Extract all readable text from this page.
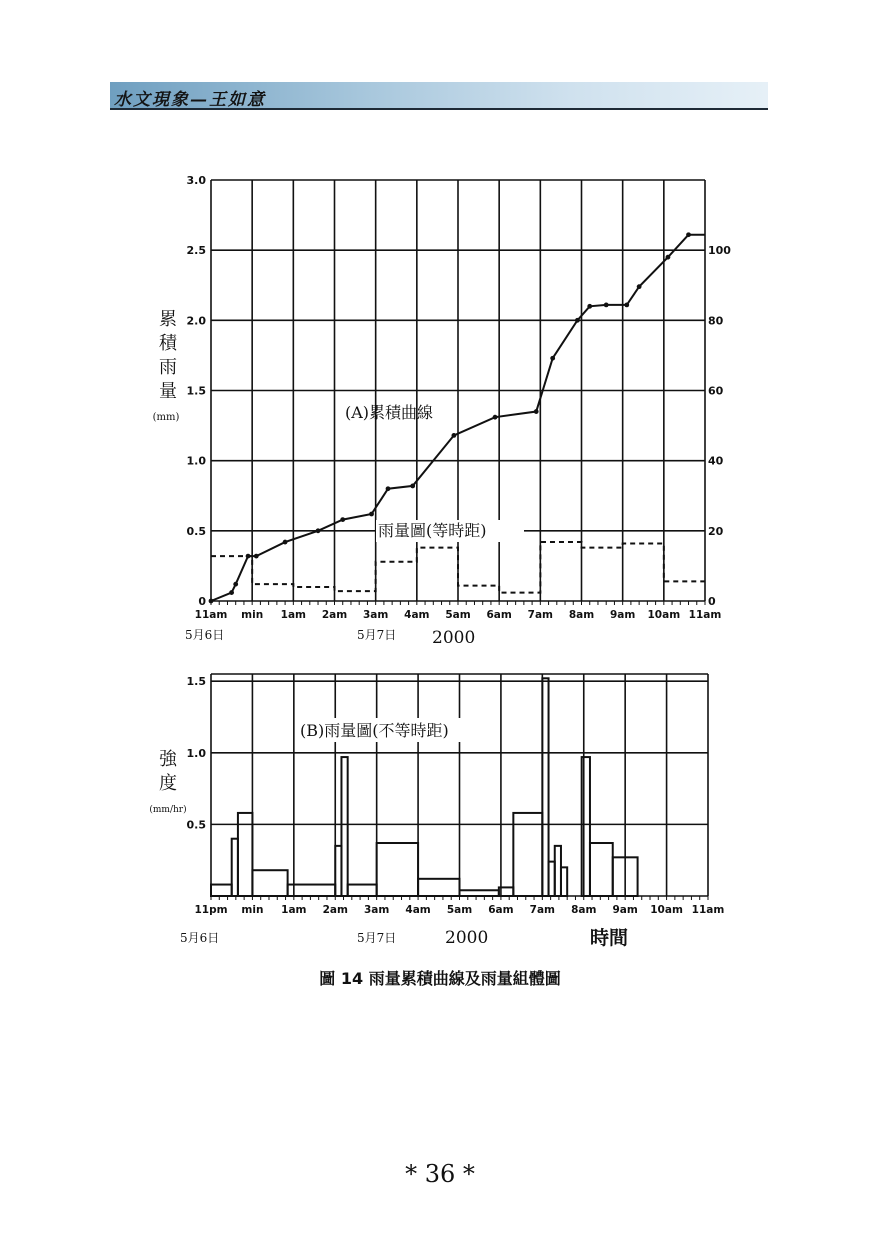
水文現象—王如意
11am min 1am 2am 3am 4am 5am 6am 7am 8am 9am 10am 11am
0
0.5
1.0
1.5
2.0
2.5
3.0
0
20
40
60
80
100
(A)累積曲線
雨量圖(等時距)
累
積
雨
量
(mm)
5月6日	5月7日 2000
11pm min 1am 2am 3am 4am 5am 6am 7am 8am 9am 10am 11am
0.5
1.0
1.5
(B)雨量圖(不等時距)
強
度
(mm/hr)
5月6日	5月7日	2000	時間
圖 14 雨量累積曲線及雨量組體圖
* 36 *
